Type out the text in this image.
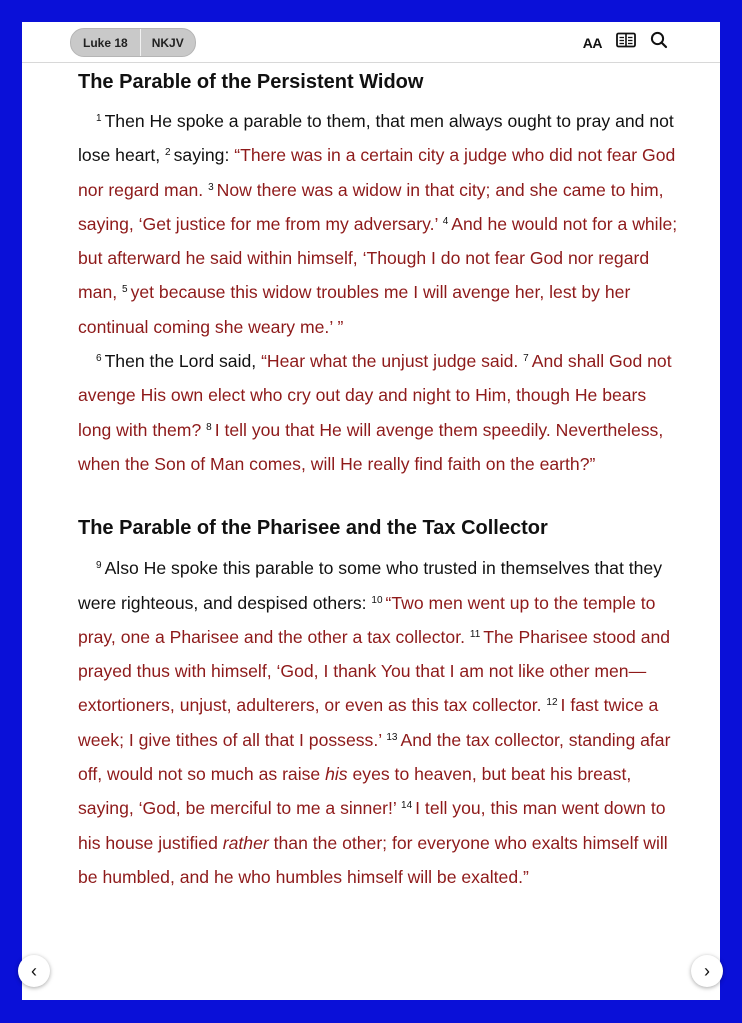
Luke 18	NKJV	AA
The Parable of the Persistent Widow

$^1$ Then He spoke a parable to them, that men always ought to pray and not lose heart, $^2$ saying: “There was in a certain city a judge who did not fear God nor regard man. $^3$ Now there was a widow in that city; and she came to him, saying, ‘Get justice for me from my adversary.’ $^4$ And he would not for a while; but afterward he said within himself, ‘Though I do not fear God nor regard man, $^5$ yet because this widow troubles me I will avenge her, lest by her continual coming she weary me.’ ”

$^6$ Then the Lord said, “Hear what the unjust judge said. $^7$ And shall God not avenge His own elect who cry out day and night to Him, though He bears long with them? $^8$ I tell you that He will avenge them speedily. Nevertheless, when the Son of Man comes, will He really find faith on the earth?”

The Parable of the Pharisee and the Tax Collector

$^9$ Also He spoke this parable to some who trusted in themselves that they were righteous, and despised others: $^{10}$ “Two men went up to the temple to pray, one a Pharisee and the other a tax collector. $^{11}$ The Pharisee stood and prayed thus with himself, ‘God, I thank You that I am not like other men—extortioners, unjust, adulterers, or even as this tax collector. $^{12}$ I fast twice a week; I give tithes of all that I possess.’ $^{13}$ And the tax collector, standing afar off, would not so much as raise his eyes to heaven, but beat his breast, saying, ‘God, be merciful to me a sinner!’ $^{14}$ I tell you, this man went down to his house justified rather than the other; for everyone who exalts himself will be humbled, and he who humbles himself will be exalted.”

‹	›
